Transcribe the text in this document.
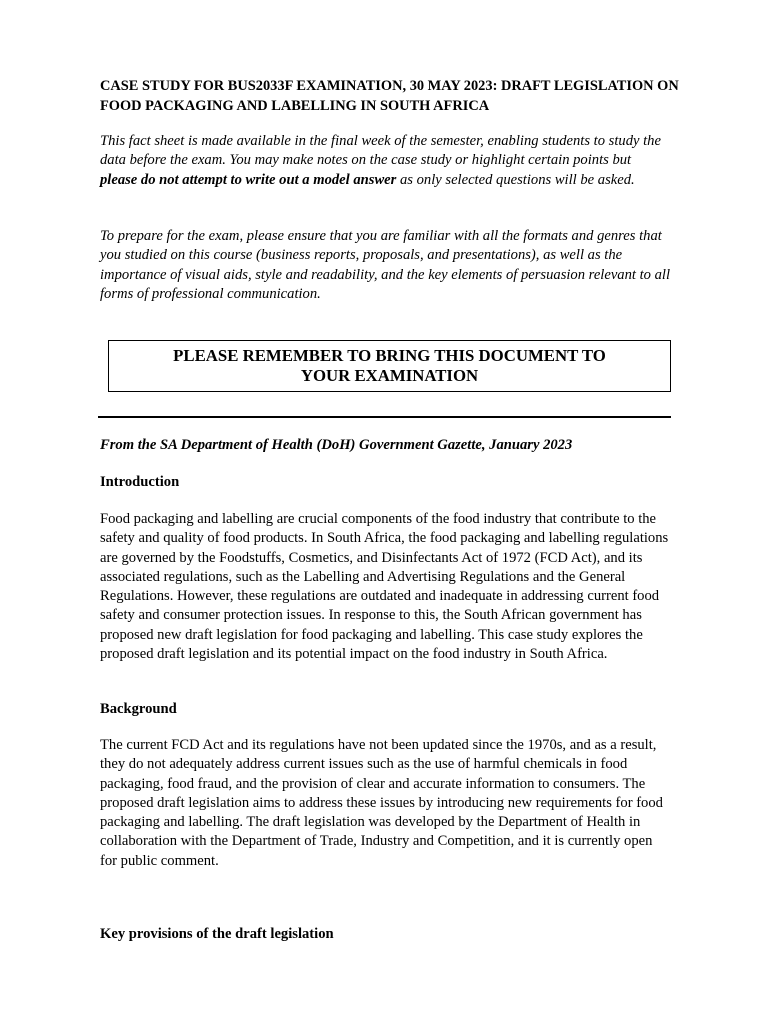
CASE STUDY FOR BUS2033F EXAMINATION, 30 MAY 2023: DRAFT LEGISLATION ON FOOD PACKAGING AND LABELLING IN SOUTH AFRICA
This fact sheet is made available in the final week of the semester, enabling students to study the data before the exam. You may make notes on the case study or highlight certain points but please do not attempt to write out a model answer as only selected questions will be asked.
To prepare for the exam, please ensure that you are familiar with all the formats and genres that you studied on this course (business reports, proposals, and presentations), as well as the importance of visual aids, style and readability, and the key elements of persuasion relevant to all forms of professional communication.
PLEASE REMEMBER TO BRING THIS DOCUMENT TO YOUR EXAMINATION
From the SA Department of Health (DoH) Government Gazette, January 2023
Introduction
Food packaging and labelling are crucial components of the food industry that contribute to the safety and quality of food products. In South Africa, the food packaging and labelling regulations are governed by the Foodstuffs, Cosmetics, and Disinfectants Act of 1972 (FCD Act), and its associated regulations, such as the Labelling and Advertising Regulations and the General Regulations. However, these regulations are outdated and inadequate in addressing current food safety and consumer protection issues. In response to this, the South African government has proposed new draft legislation for food packaging and labelling. This case study explores the proposed draft legislation and its potential impact on the food industry in South Africa.
Background
The current FCD Act and its regulations have not been updated since the 1970s, and as a result, they do not adequately address current issues such as the use of harmful chemicals in food packaging, food fraud, and the provision of clear and accurate information to consumers. The proposed draft legislation aims to address these issues by introducing new requirements for food packaging and labelling. The draft legislation was developed by the Department of Health in collaboration with the Department of Trade, Industry and Competition, and it is currently open for public comment.
Key provisions of the draft legislation
